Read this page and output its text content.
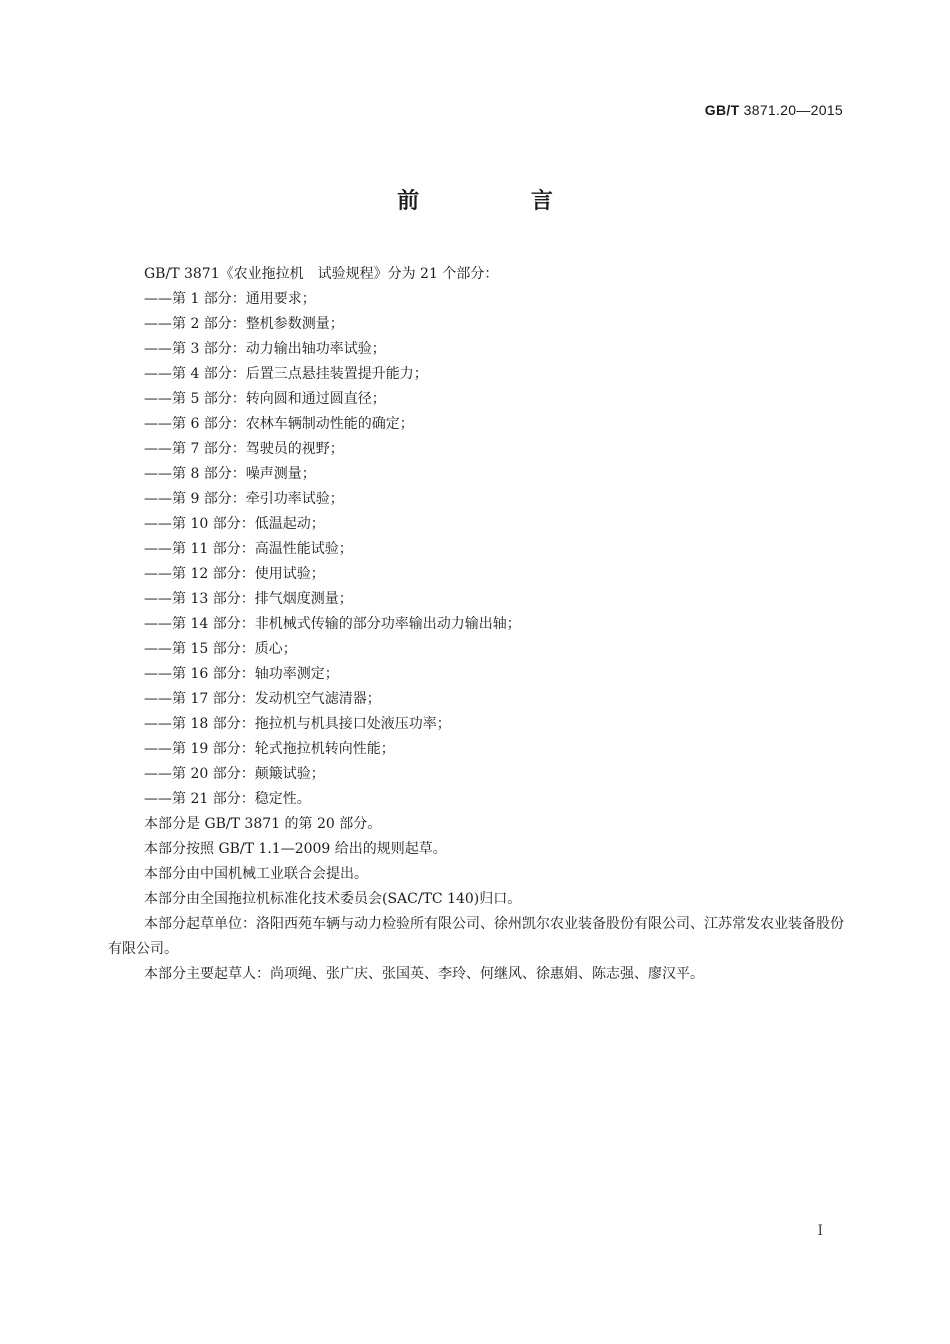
GB/T 3871.20—2015
前 言

GB/T 3871《农业拖拉机　试验规程》分为 21 个部分：

——第 1 部分：通用要求；

——第 2 部分：整机参数测量；

——第 3 部分：动力输出轴功率试验；

——第 4 部分：后置三点悬挂装置提升能力；

——第 5 部分：转向圆和通过圆直径；

——第 6 部分：农林车辆制动性能的确定；

——第 7 部分：驾驶员的视野；

——第 8 部分：噪声测量；

——第 9 部分：牵引功率试验；

——第 10 部分：低温起动；

——第 11 部分：高温性能试验；

——第 12 部分：使用试验；

——第 13 部分：排气烟度测量；

——第 14 部分：非机械式传输的部分功率输出动力输出轴；

——第 15 部分：质心；

——第 16 部分：轴功率测定；

——第 17 部分：发动机空气滤清器；

——第 18 部分：拖拉机与机具接口处液压功率；

——第 19 部分：轮式拖拉机转向性能；

——第 20 部分：颠簸试验；

——第 21 部分：稳定性。

本部分是 GB/T 3871 的第 20 部分。

本部分按照 GB/T 1.1—2009 给出的规则起草。

本部分由中国机械工业联合会提出。

本部分由全国拖拉机标准化技术委员会(SAC/TC 140)归口。

本部分起草单位：洛阳西苑车辆与动力检验所有限公司、徐州凯尔农业装备股份有限公司、江苏常发农业装备股份有限公司。

本部分主要起草人：尚项绳、张广庆、张国英、李玲、何继风、徐惠娟、陈志强、廖汉平。

I
